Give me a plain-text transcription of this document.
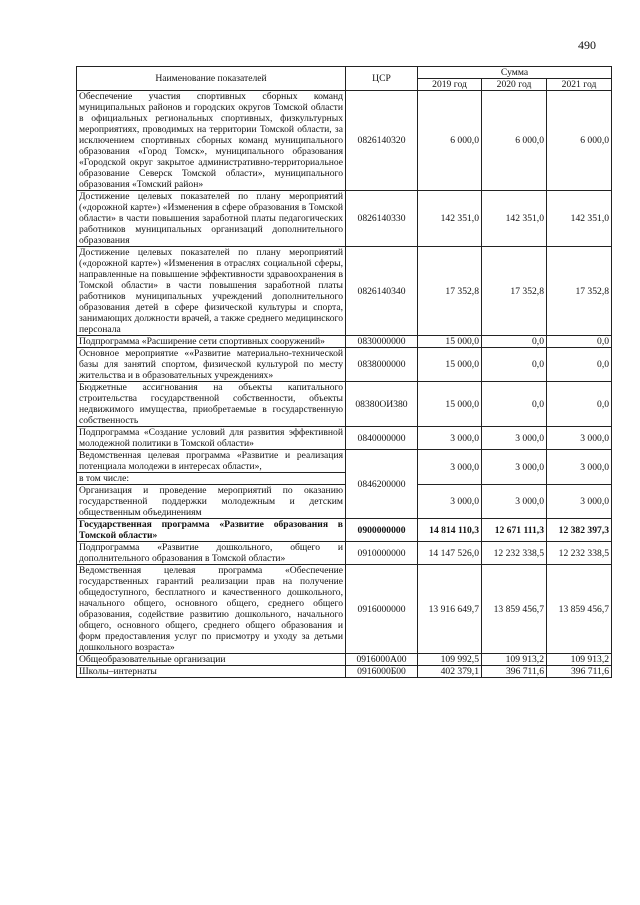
490
Наименование показателей	ЦСР	Сумма		
		2019 год	2020 год	2021 год
Обеспечение участия спортивных сборных команд муниципальных районов и городских округов Томской области в официальных региональных спортивных, физкультурных мероприятиях, проводимых на территории Томской области, за исключением спортивных сборных команд муниципального образования «Город Томск», муниципального образования «Городской округ закрытое административно-территориальное образование Северск Томской области», муниципального образования «Томский район»	0826140320	6 000,0	6 000,0	6 000,0
Достижение целевых показателей по плану мероприятий («дорожной карте») «Изменения в сфере образования в Томской области» в части повышения заработной платы педагогических работников муниципальных организаций дополнительного образования	0826140330	142 351,0	142 351,0	142 351,0
Достижение целевых показателей по плану мероприятий («дорожной карте») «Изменения в отраслях социальной сферы, направленные на повышение эффективности здравоохранения в Томской области» в части повышения заработной платы работников муниципальных учреждений дополнительного образования детей в сфере физической культуры и спорта, занимающих должности врачей, а также среднего медицинского персонала	0826140340	17 352,8	17 352,8	17 352,8
Подпрограмма «Расширение сети спортивных сооружений»	0830000000	15 000,0	0,0	0,0
Основное мероприятие ««Развитие материально-технической базы для занятий спортом, физической культурой по месту жительства и в образовательных учреждениях»	0838000000	15 000,0	0,0	0,0
Бюджетные ассигнования на объекты капитального строительства государственной собственности, объекты недвижимого имущества, приобретаемые в государственную собственность	08380ОИ380	15 000,0	0,0	0,0
Подпрограмма «Создание условий для развития эффективной молодежной политики в Томской области»	0840000000	3 000,0	3 000,0	3 000,0
Ведомственная целевая программа «Развитие и реализация потенциала молодежи в интересах области»,	0846200000	3 000,0	3 000,0	3 000,0
в том числе:				
Организация и проведение мероприятий по оказанию государственной поддержки молодежным и детским общественным объединениям		3 000,0	3 000,0	3 000,0
Государственная программа «Развитие образования в Томской области»	0900000000	14 814 110,3	12 671 111,3	12 382 397,3
Подпрограмма «Развитие дошкольного, общего и дополнительного образования в Томской области»	0910000000	14 147 526,0	12 232 338,5	12 232 338,5
Ведомственная целевая программа «Обеспечение государственных гарантий реализации прав на получение общедоступного, бесплатного и качественного дошкольного, начального общего, основного общего, среднего общего образования, содействие развитию дошкольного, начального общего, основного общего, среднего общего образования и форм предоставления услуг по присмотру и уходу за детьми дошкольного возраста»	0916000000	13 916 649,7	13 859 456,7	13 859 456,7
Общеобразовательные организации	0916000А00	109 992,5	109 913,2	109 913,2
Школы–интернаты	0916000Б00	402 379,1	396 711,6	396 711,6
